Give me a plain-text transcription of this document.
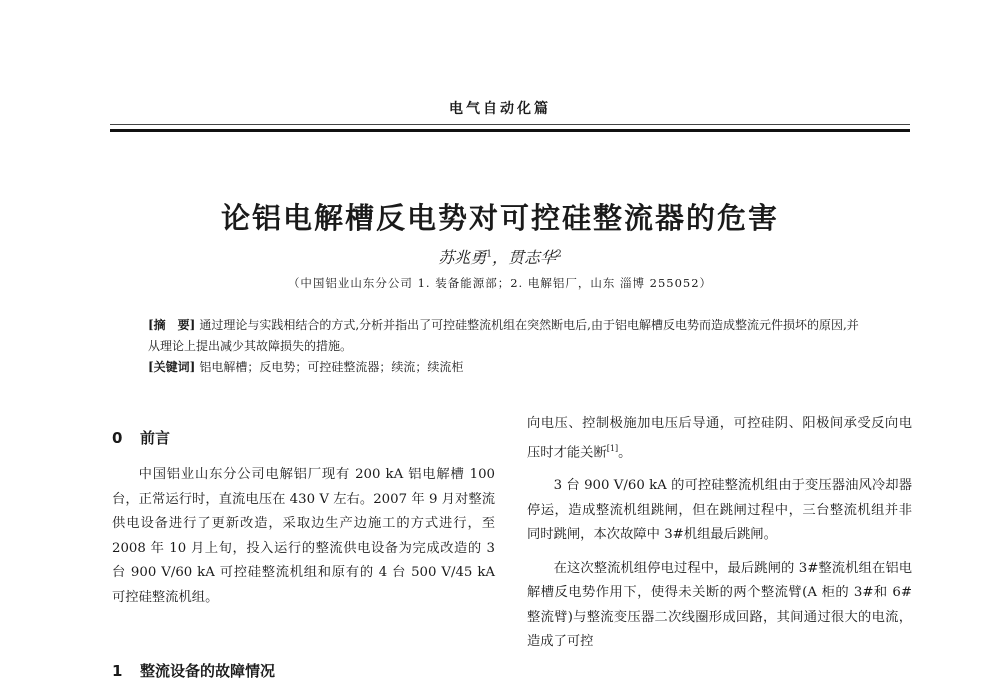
电气自动化篇
论铝电解槽反电势对可控硅整流器的危害
苏兆勇$^1$，贯志华$^2$
（中国铝业山东分公司 1. 装备能源部；2. 电解铝厂，山东 淄博 255052）
[摘　要] 通过理论与实践相结合的方式,分析并指出了可控硅整流机组在突然断电后,由于铝电解槽反电势而造成整流元件损坏的原因,并从理论上提出减少其故障损失的措施。
[关键词] 铝电解槽；反电势；可控硅整流器；续流；续流柜
0 前言

中国铝业山东分公司电解铝厂现有 200 kA 铝电解槽 100 台，正常运行时，直流电压在 430 V 左右。2007 年 9 月对整流供电设备进行了更新改造，采取边生产边施工的方式进行，至 2008 年 10 月上旬，投入运行的整流供电设备为完成改造的 3 台 900 V/60 kA 可控硅整流机组和原有的 4 台 500 V/45 kA 可控硅整流机组。

1 整流设备的故障情况

向电压、控制极施加电压后导通，可控硅阴、阳极间承受反向电压时才能关断[1]。

3 台 900 V/60 kA 的可控硅整流机组由于变压器油风冷却器停运，造成整流机组跳闸，但在跳闸过程中，三台整流机组并非同时跳闸，本次故障中 3#机组最后跳闸。

在这次整流机组停电过程中，最后跳闸的 3#整流机组在铝电解槽反电势作用下，使得未关断的两个整流臂(A 柜的 3#和 6#整流臂)与整流变压器二次线圈形成回路，其间通过很大的电流，造成了可控
